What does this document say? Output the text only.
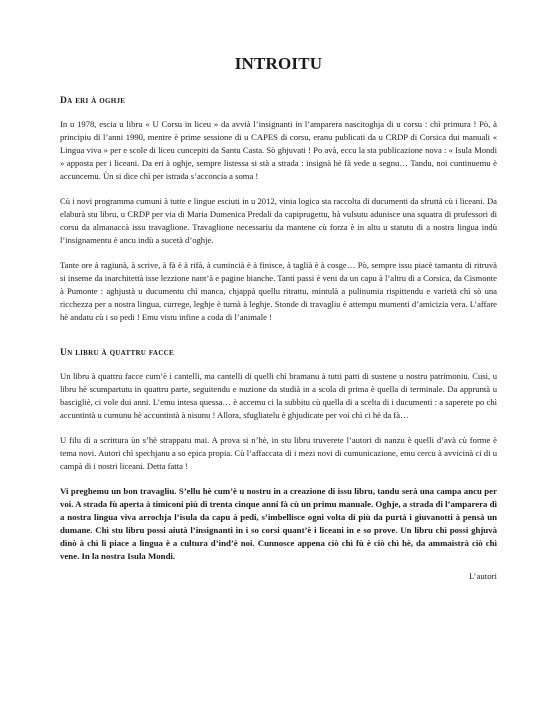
INTROITU
Da eri à oghje

In u 1978, escia u libru « U Corsu in liceu » da avvià l’insignanti in l’amparera nascitoghja di u corsu : chì primura ! Pò, à principiu di l’anni 1990, mentre è prime sessione di u CAPES di corsu, eranu publicati da u CRDP di Corsica dui manuali « Lingua viva » per e scole di liceu cuncepiti da Santu Casta. Sò ghjuvati ! Po avà, eccu la sta publicazione nova : « Isula Mondi » apposta per i liceani. Da eri à oghje, sempre listessa si stà a strada : insignà hè fà vede u segnu… Tandu, noi cuntinuemu è accuncemu. Ùn si dice chì per istrada s’acconcia a soma !

Cù i novi programma cumuni à tutte e lingue esciuti in u 2012, vinia logica sta raccolta di ducumenti da sfruttà cù i liceani. Da elaburà stu libru, u CRDP per via di Maria Dumenica Predali da capiprugettu, hà vulsutu adunisce una squatra di prufessori di corsu da almanaccà issu travaglione. Travaglione necessariu da mantene cù forza è in altu u statutu di a nostra lingua indù l’insignamentu è ancu indù a sucetà d’oghje.

Tante ore à ragiunà, à scrive, à fà è à rifà, à cumincià è à finisce, à taglià è à cosge… Pò, sempre issu piacè tamantu di ritruvà si inseme da inarchitettà isse lezzione nant’à e pagine bianche. Tanti passi è veni da un capu à l’altru di a Corsica, da Cismonte à Pumonte : aghjustà u ducumentu chì manca, chjappà quellu ritrattu, mintulà a pulinumia rispittendu e varietà chì sò una ricchezza per a nostra lingua, currege, leghje è turnà à leghje. Stonde di travagliu è attempu mumenti d’amicizia vera. L’affare hè andatu cù i so pedi ! Emu vistu infine a coda di l’animale !

Un libru à quattru facce

Un libru à quattru facce cum’è i cantelli, ma cantelli di quelli chì bramanu à tutti patti di sustene u nostru patrimoniu. Cusì, u libru hè scumpartutu in quattru parte, seguitendu e nuzione da studià in a scola di prima è quella di terminale. Da appruntà u bascigliè, ci vole dui anni. L’emu intesa quessa… è accemu ci la subbitu cù quella di a scelta di i ducumenti : a saperete po chì accuntintà u cumunu hè accuntintà à nisunu ! Allora, sfugliatelu è ghjudicate per voi chì ci hè da fà…

U filu di a scrittura ùn s’hè strappatu mai. A prova si n’hè, in stu libru truverete l’autori di nanzu è quelli d’avà cù forme è tema novi. Autori chì spechjanu a so epica propia. Cù l’affaccata di i mezi novi di cumunicazione, emu cercu à avvicinà ci di u campà di i nostri liceani. Detta fatta !

Vi preghemu un bon travagliu. S’ellu hè cum’è u nostru in a creazione di issu libru, tandu serà una campa ancu per voi. A strada fù aperta à timiconi più di trenta cinque anni fà cù un primu manuale. Oghje, a strada di l’amparera di a nostra lingua viva arrochja l’isula da capu à pedi, s’imbellisce ogni volta di più da purtà i giuvanotti à pensà un dumane. Chì stu libru possi aiutà l’insignanti in i so corsi quant’è i liceani in e so prove. Un libru chì possi ghjuvà dinò à chì li piace a lingua è a cultura d’ind’è noi. Cunnosce appena ciò chì fù è ciò chì hè, da ammaistrà ciò chì vene. In la nostra Isula Mondi.

L’autori
